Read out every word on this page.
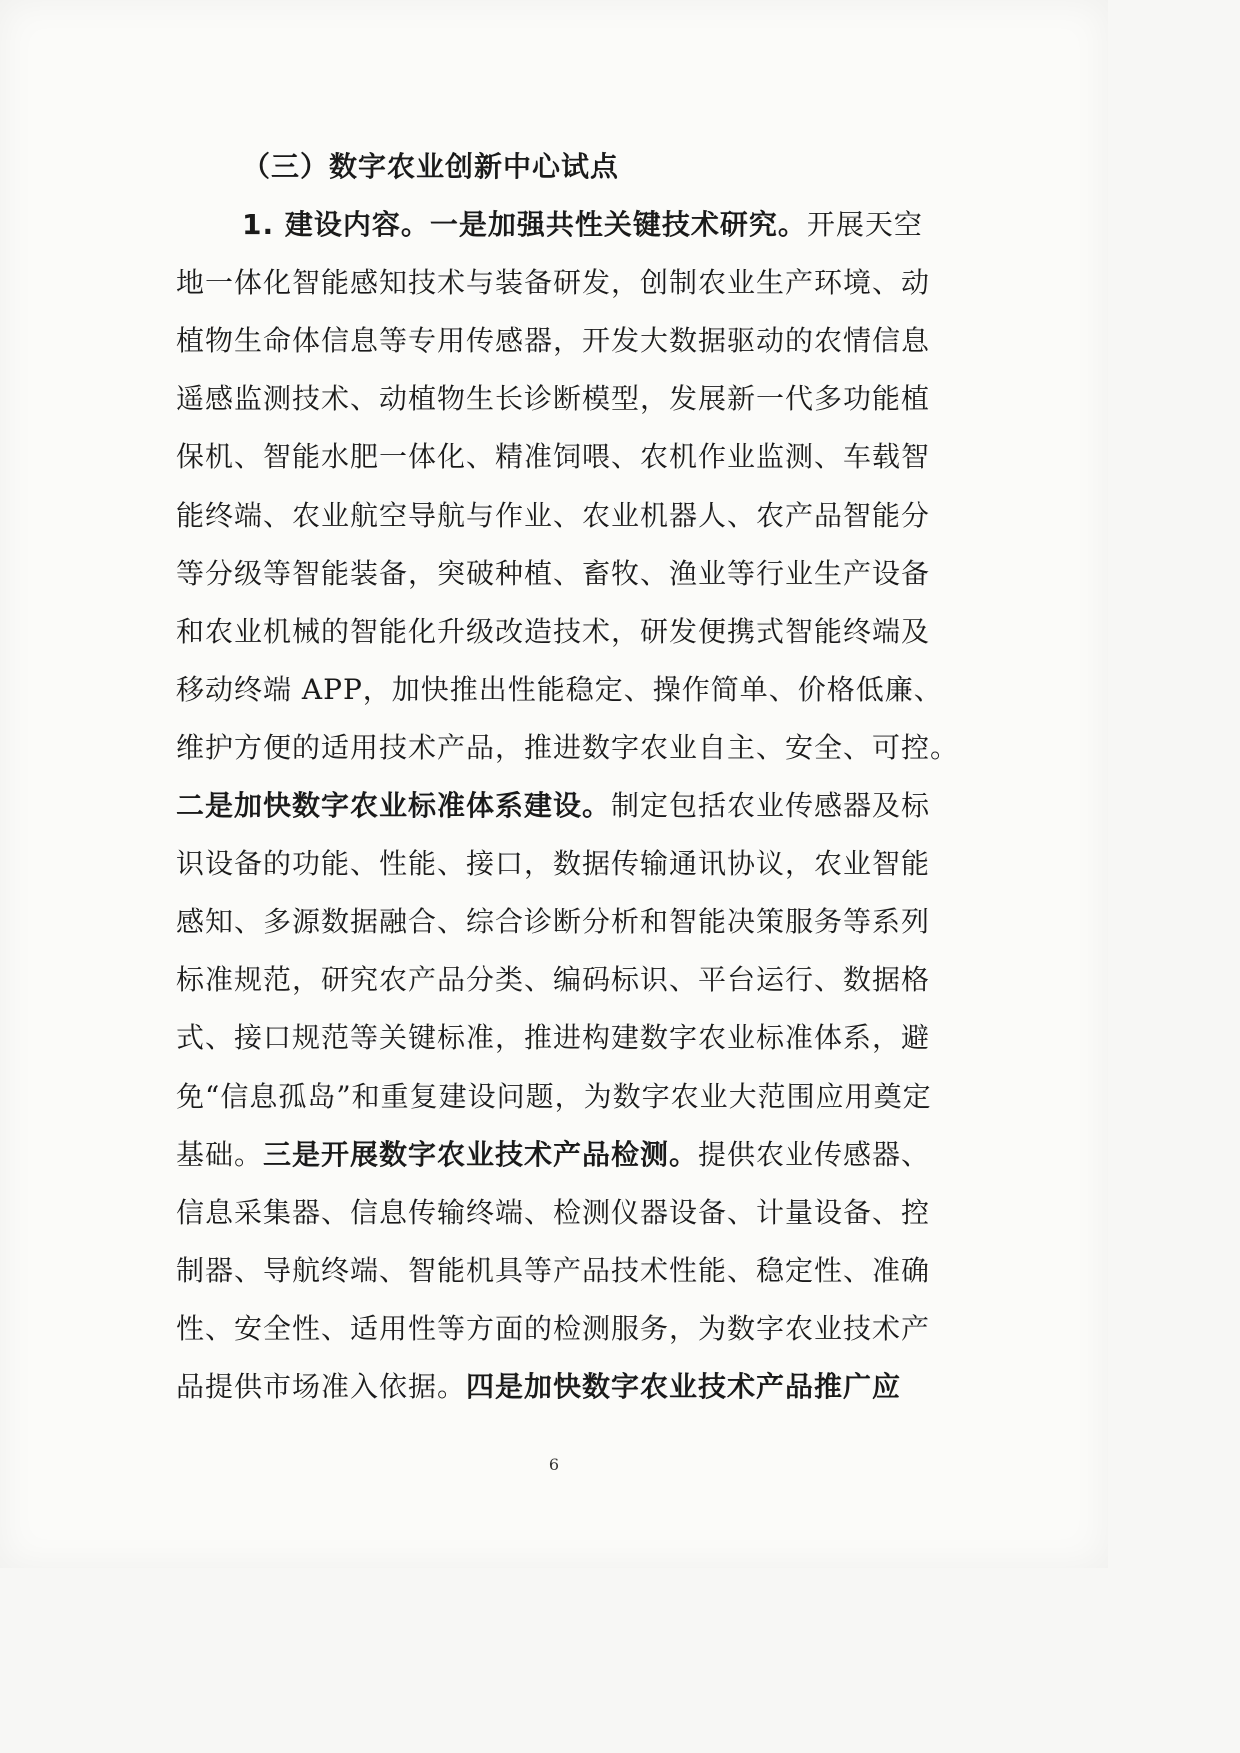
（三）数字农业创新中心试点
1. 建设内容。一是加强共性关键技术研究。开展天空
地一体化智能感知技术与装备研发，创制农业生产环境、动
植物生命体信息等专用传感器，开发大数据驱动的农情信息
遥感监测技术、动植物生长诊断模型，发展新一代多功能植
保机、智能水肥一体化、精准饲喂、农机作业监测、车载智
能终端、农业航空导航与作业、农业机器人、农产品智能分
等分级等智能装备，突破种植、畜牧、渔业等行业生产设备
和农业机械的智能化升级改造技术，研发便携式智能终端及
移动终端 APP，加快推出性能稳定、操作简单、价格低廉、
维护方便的适用技术产品，推进数字农业自主、安全、可控。
二是加快数字农业标准体系建设。制定包括农业传感器及标
识设备的功能、性能、接口，数据传输通讯协议，农业智能
感知、多源数据融合、综合诊断分析和智能决策服务等系列
标准规范，研究农产品分类、编码标识、平台运行、数据格
式、接口规范等关键标准，推进构建数字农业标准体系，避
免“信息孤岛”和重复建设问题，为数字农业大范围应用奠定
基础。三是开展数字农业技术产品检测。提供农业传感器、
信息采集器、信息传输终端、检测仪器设备、计量设备、控
制器、导航终端、智能机具等产品技术性能、稳定性、准确
性、安全性、适用性等方面的检测服务，为数字农业技术产
品提供市场准入依据。四是加快数字农业技术产品推广应
6
